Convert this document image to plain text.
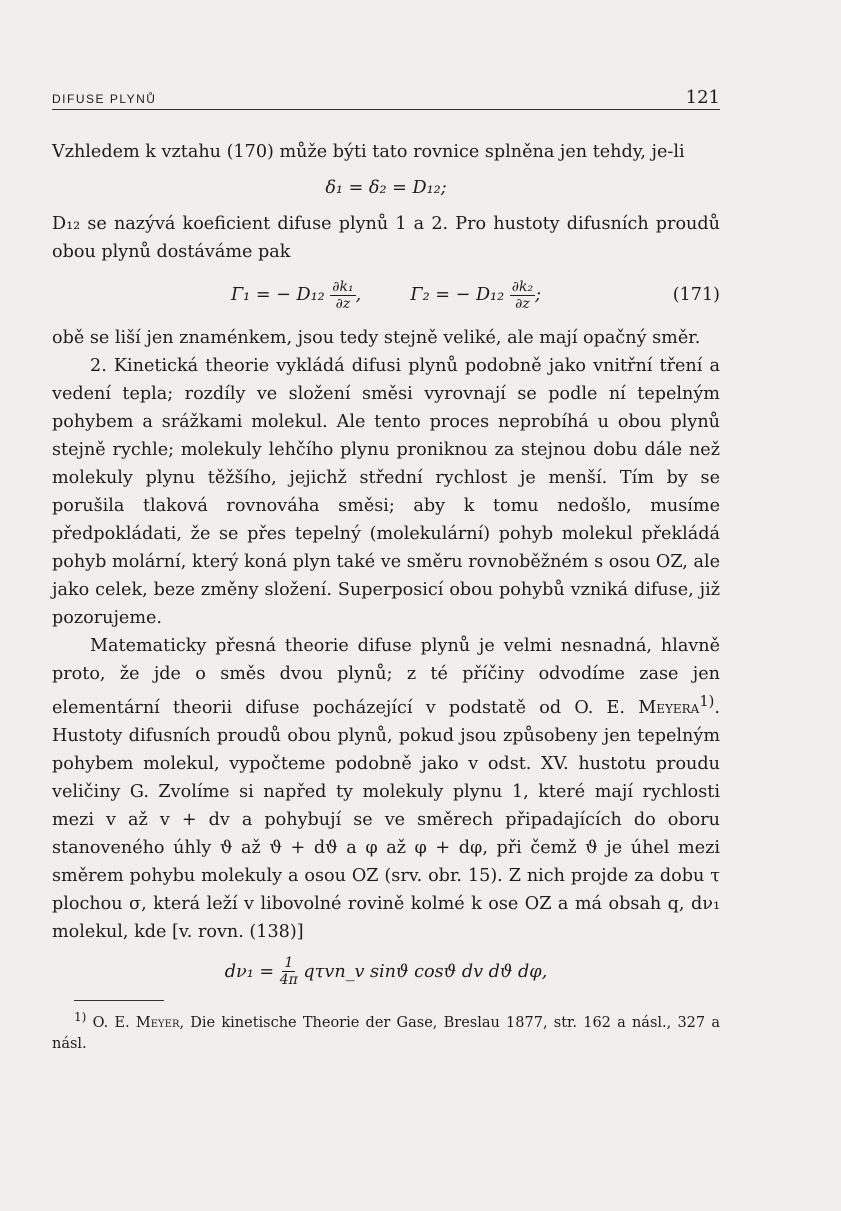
DIFUSE PLYNŮ	121

Vzhledem k vztahu (170) může býti tato rovnice splněna jen tehdy, je-li

δ₁ = δ₂ = D₁₂;

D₁₂ se nazývá koeficient difuse plynů 1 a 2. Pro hustoty difusních proudů obou plynů dostáváme pak

Γ₁ = − $D_{12} \frac{\text{∂k₁}}{\partial z}$ ,	Γ₂ = − $D_{12} \frac{\text{∂k₂}}{\partial z}$ ;	(171)

obě se liší jen znaménkem, jsou tedy stejně veliké, ale mají opačný směr.

2. Kinetická theorie vykládá difusi plynů podobně jako vnitřní tření a vedení tepla; rozdíly ve složení směsi vyrovnají se podle ní tepelným pohybem a srážkami molekul. Ale tento proces neprobíhá u obou plynů stejně rychle; molekuly lehčího plynu proniknou za stejnou dobu dále než molekuly plynu těžšího, jejichž střední rychlost je menší. Tím by se porušila tlaková rovnováha směsi; aby k tomu nedošlo, musíme předpokládati, že se přes tepelný (molekulární) pohyb molekul překládá pohyb molární, který koná plyn také ve směru rovnoběžném s osou OZ, ale jako celek, beze změny složení. Superposicí obou pohybů vzniká difuse, již pozorujeme.

Matematicky přesná theorie difuse plynů je velmi nesnadná, hlavně proto, že jde o směs dvou plynů; z té příčiny odvodíme zase jen elementární theorii difuse pocházející v podstatě od O. E. Meyera$^{1)}$. Hustoty difusních proudů obou plynů, pokud jsou způsobeny jen tepelným pohybem molekul, vypočteme podobně jako v odst. XV. hustotu proudu veličiny G. Zvolíme si napřed ty molekuly plynu 1, které mají rychlosti mezi v až v + dv a pohybují se ve směrech připadajících do oboru stanoveného úhly ϑ až ϑ + dϑ a φ až φ + dφ, při čemž ϑ je úhel mezi směrem pohybu molekuly a osou OZ (srv. obr. 15). Z nich projde za dobu τ plochou σ, která leží v libovolné rovině kolmé k ose OZ a má obsah q, dν₁ molekul, kde [v. rovn. (138)]

$d\nu_1 = \frac{1}{4\pi}$ qτvn_v sinϑ cosϑ dv dϑ dφ,

$^{1)}$ O. E. Meyer, Die kinetische Theorie der Gase, Breslau 1877, str. 162 a násl., 327 a násl.
